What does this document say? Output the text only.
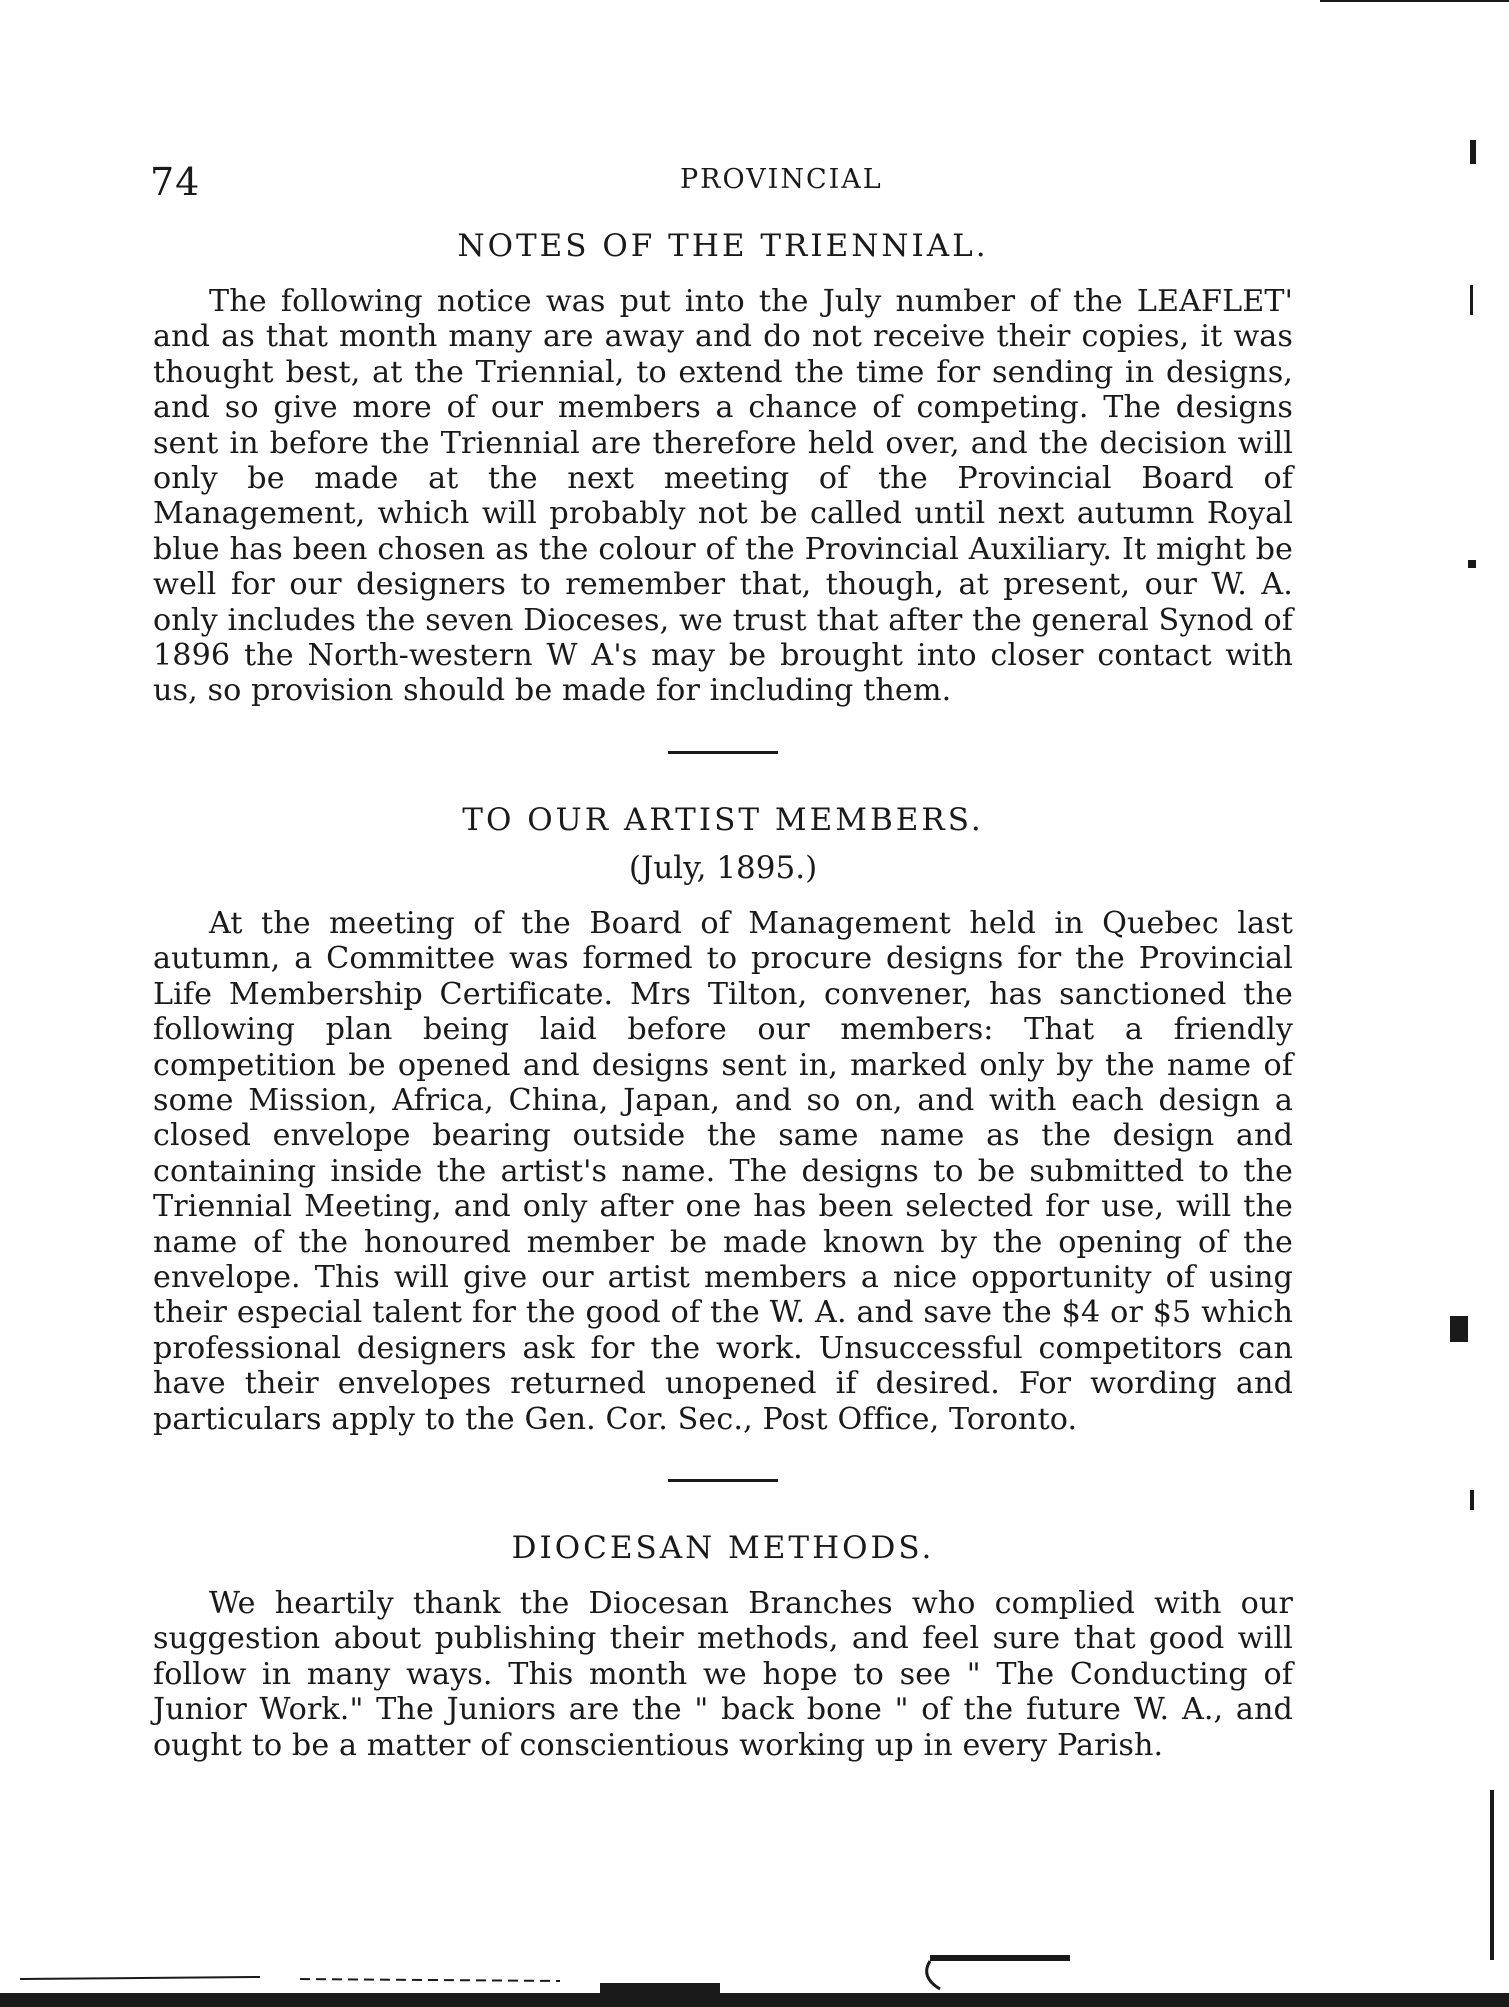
74	PROVINCIAL
NOTES OF THE TRIENNIAL.

The following notice was put into the July number of the LEAFLET' and as that month many are away and do not receive their copies, it was thought best, at the Triennial, to extend the time for sending in designs, and so give more of our members a chance of competing. The designs sent in before the Triennial are therefore held over, and the decision will only be made at the next meeting of the Provincial Board of Management, which will probably not be called until next autumn Royal blue has been chosen as the colour of the Provincial Auxiliary. It might be well for our designers to remember that, though, at present, our W. A. only includes the seven Dioceses, we trust that after the general Synod of 1896 the North-western W A's may be brought into closer contact with us, so provision should be made for including them.

TO OUR ARTIST MEMBERS.
(July, 1895.)

At the meeting of the Board of Management held in Quebec last autumn, a Committee was formed to procure designs for the Provincial Life Membership Certificate. Mrs Tilton, convener, has sanctioned the following plan being laid before our members: That a friendly competition be opened and designs sent in, marked only by the name of some Mission, Africa, China, Japan, and so on, and with each design a closed envelope bearing outside the same name as the design and containing inside the artist's name. The designs to be submitted to the Triennial Meeting, and only after one has been selected for use, will the name of the honoured member be made known by the opening of the envelope. This will give our artist members a nice opportunity of using their especial talent for the good of the W. A. and save the $4 or $5 which professional designers ask for the work. Unsuccessful competitors can have their envelopes returned unopened if desired. For wording and particulars apply to the Gen. Cor. Sec., Post Office, Toronto.

DIOCESAN METHODS.

We heartily thank the Diocesan Branches who complied with our suggestion about publishing their methods, and feel sure that good will follow in many ways. This month we hope to see " The Conducting of Junior Work." The Juniors are the " back bone " of the future W. A., and ought to be a matter of conscientious working up in every Parish.
